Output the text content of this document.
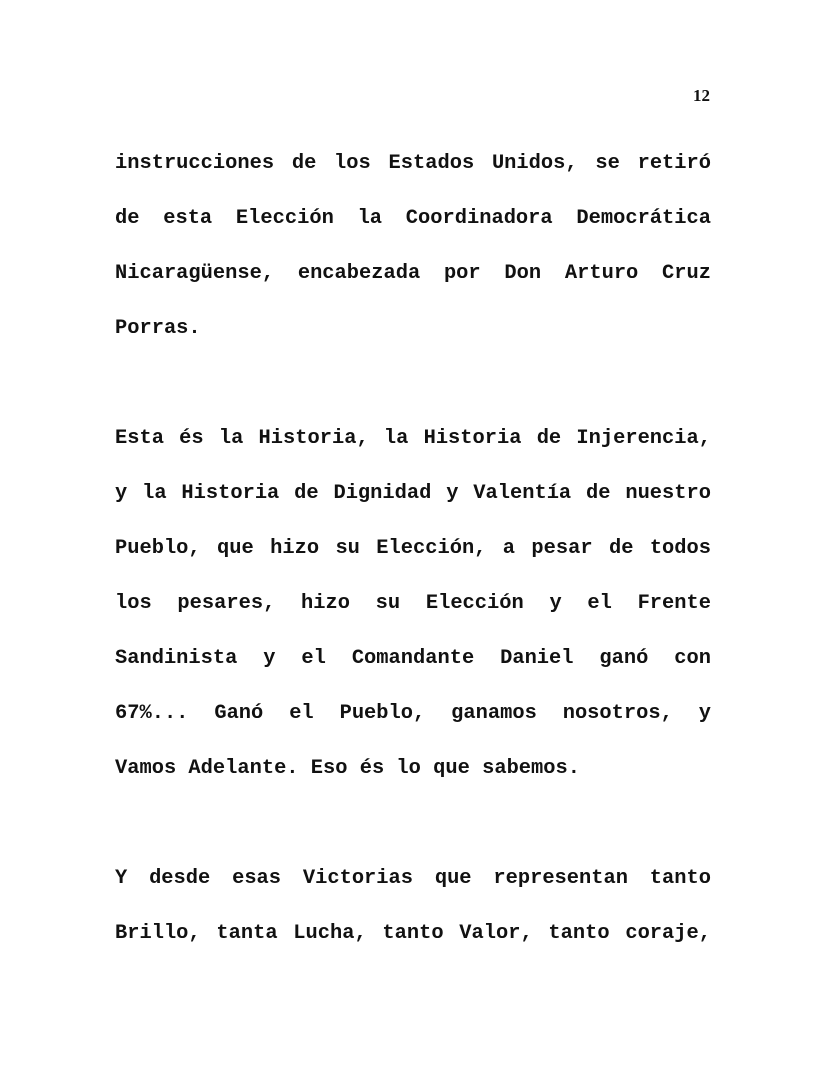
12
instrucciones de los Estados Unidos, se retiró
de esta Elección la Coordinadora Democrática
Nicaragüense, encabezada por Don Arturo Cruz
Porras.
Esta és la Historia, la Historia de Injerencia,
y la Historia de Dignidad y Valentía de nuestro
Pueblo, que hizo su Elección, a pesar de todos
los pesares, hizo su Elección y el Frente
Sandinista y el Comandante Daniel ganó con
67%... Ganó el Pueblo, ganamos nosotros, y
Vamos Adelante. Eso és lo que sabemos.
Y desde esas Victorias que representan tanto
Brillo, tanta Lucha, tanto Valor, tanto coraje,
